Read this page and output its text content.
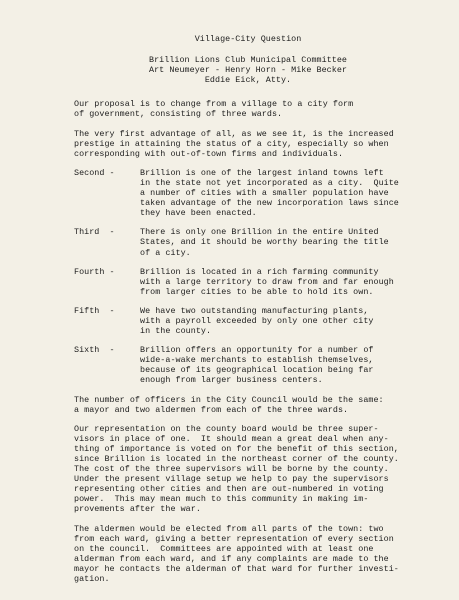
Village-City Question
Brillion Lions Club Municipal Committee
Art Neumeyer - Henry Horn - Mike Becker
Eddie Eick, Atty.
Our proposal is to change from a village to a city form
of government, consisting of three wards.
The very first advantage of all, as we see it, is the increased
prestige in attaining the status of a city, especially so when
corresponding with out-of-town firms and individuals.
Second -	Brillion is one of the largest inland towns left
in the state not yet incorporated as a city.  Quite
a number of cities with a smaller population have
taken advantage of the new incorporation laws since
they have been enacted.
Third  -	There is only one Brillion in the entire United
States, and it should be worthy bearing the title
of a city.
Fourth -	Brillion is located in a rich farming community
with a large territory to draw from and far enough
from larger cities to be able to hold its own.
Fifth  -	We have two outstanding manufacturing plants,
with a payroll exceeded by only one other city
in the county.
Sixth  -	Brillion offers an opportunity for a number of
wide-a-wake merchants to establish themselves,
because of its geographical location being far
enough from larger business centers.
The number of officers in the City Council would be the same:
a mayor and two aldermen from each of the three wards.
Our representation on the county board would be three super-
visors in place of one.  It should mean a great deal when any-
thing of importance is voted on for the benefit of this section,
since Brillion is located in the northeast corner of the county.
The cost of the three supervisors will be borne by the county.
Under the present village setup we help to pay the supervisors
representing other cities and then are out-numbered in voting
power.  This may mean much to this community in making im-
provements after the war.
The aldermen would be elected from all parts of the town: two
from each ward, giving a better representation of every section
on the council.  Committees are appointed with at least one
alderman from each ward, and if any complaints are made to the
mayor he contacts the alderman of that ward for further investi-
gation.
